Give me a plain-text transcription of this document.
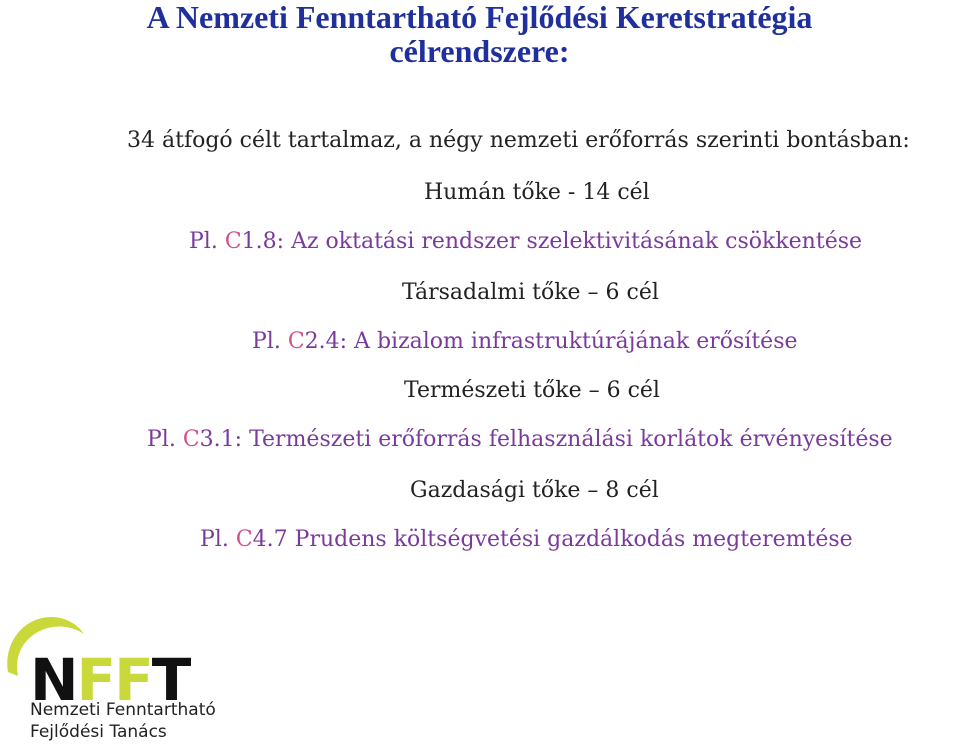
A Nemzeti Fenntartható Fejlődési Keretstratégia
célrendszere:
34 átfogó célt tartalmaz, a négy nemzeti erőforrás szerinti bontásban:
Humán tőke - 14 cél
Pl. C1.8: Az oktatási rendszer szelektivitásának csökkentése
Társadalmi tőke – 6 cél
Pl. C2.4: A bizalom infrastruktúrájának erősítése
Természeti tőke – 6 cél
Pl. C3.1: Természeti erőforrás felhasználási korlátok érvényesítése
Gazdasági tőke – 8 cél
Pl. C4.7 Prudens költségvetési gazdálkodás megteremtése
NFFT
Nemzeti Fenntartható
Fejlődési Tanács
